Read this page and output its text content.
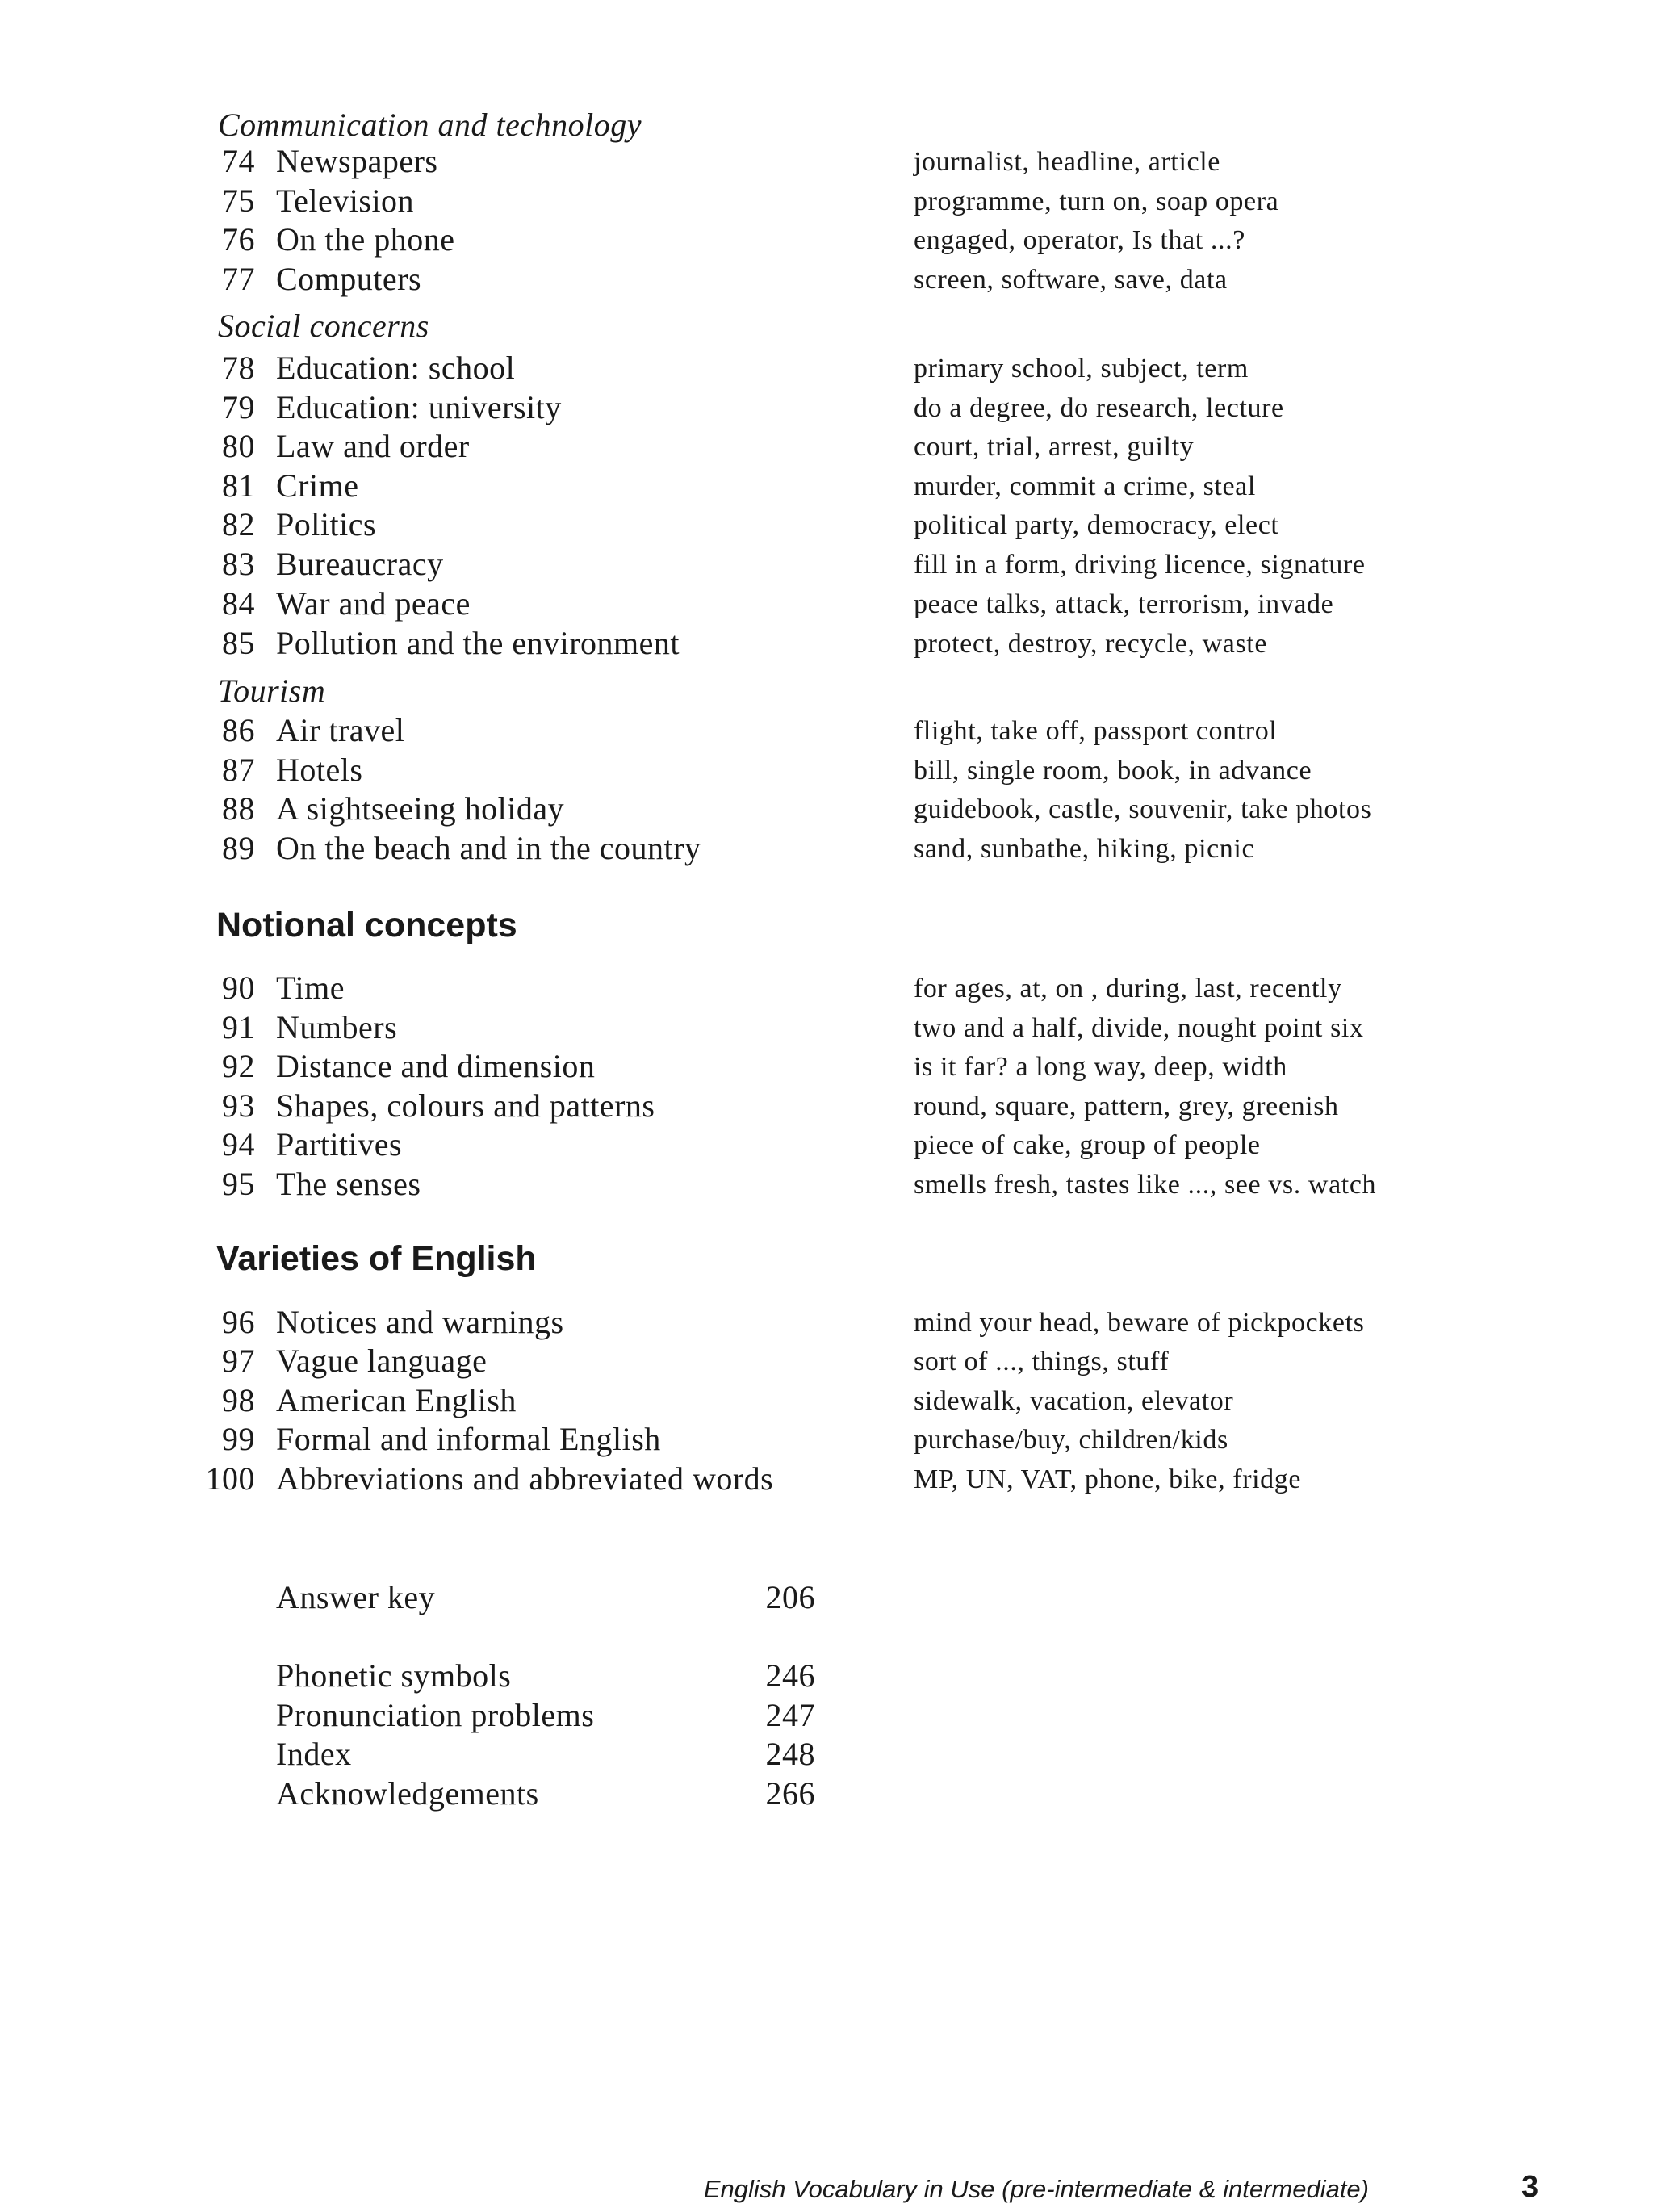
Communication and technology
74 Newspapers	journalist, headline, article
75 Television	programme, turn on, soap opera
76 On the phone	engaged, operator, Is that ...?
77 Computers	screen, software, save, data
Social concerns
78 Education: school	primary school, subject, term
79 Education: university	do a degree, do research, lecture
80 Law and order	court, trial, arrest, guilty
81 Crime	murder, commit a crime, steal
82 Politics	political party, democracy, elect
83 Bureaucracy	fill in a form, driving licence, signature
84 War and peace	peace talks, attack, terrorism, invade
85 Pollution and the environment	protect, destroy, recycle, waste
Tourism
86 Air travel	flight, take off, passport control
87 Hotels	bill, single room, book, in advance
88 A sightseeing holiday	guidebook, castle, souvenir, take photos
89 On the beach and in the country	sand, sunbathe, hiking, picnic
Notional concepts
90 Time	for ages, at, on , during, last, recently
91 Numbers	two and a half, divide, nought point six
92 Distance and dimension	is it far? a long way, deep, width
93 Shapes, colours and patterns	round, square, pattern, grey, greenish
94 Partitives	piece of cake, group of people
95 The senses	smells fresh, tastes like ..., see vs. watch
Varieties of English
96 Notices and warnings	mind your head, beware of pickpockets
97 Vague language	sort of ..., things, stuff
98 American English	sidewalk, vacation, elevator
99 Formal and informal English	purchase/buy, children/kids
100 Abbreviations and abbreviated words	MP, UN, VAT, phone, bike, fridge
Answer key	206
Phonetic symbols	246
Pronunciation problems	247
Index	248
Acknowledgements	266
English Vocabulary in Use (pre-intermediate & intermediate)	3
